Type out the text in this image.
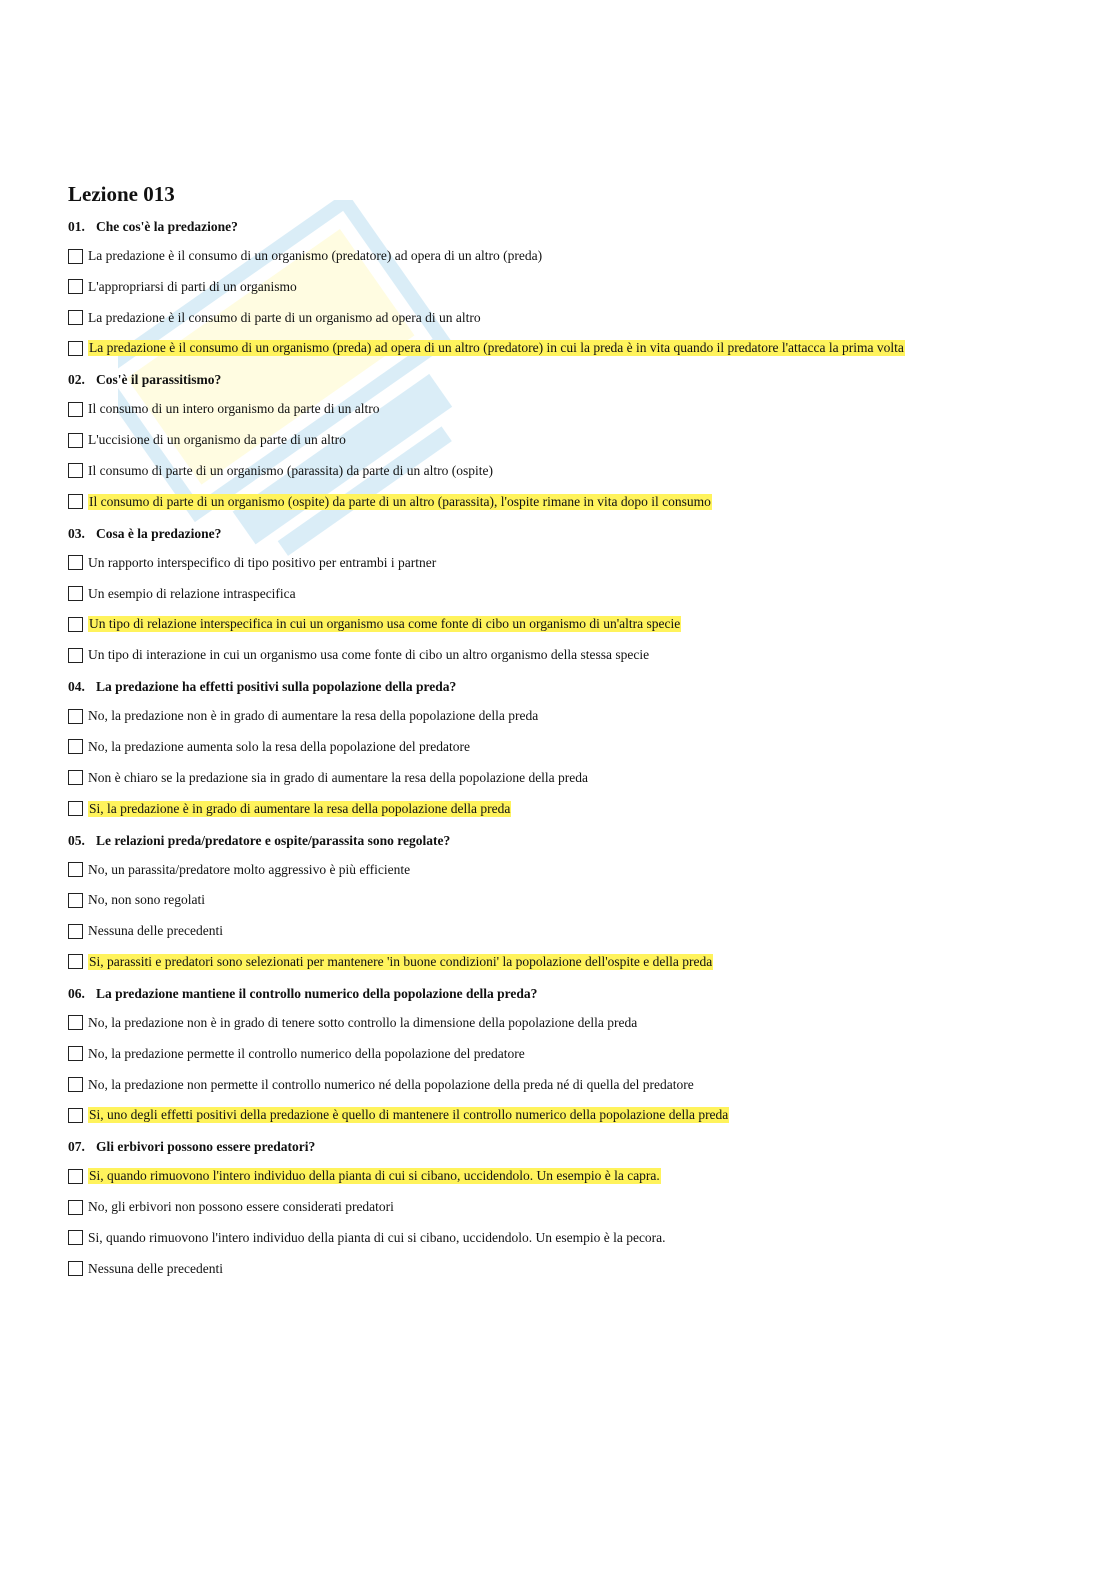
Lezione 013
01. Che cos'è la predazione?
La predazione è il consumo di un organismo (predatore) ad opera di un altro (preda)
L'appropriarsi di parti di un organismo
La predazione è il consumo di parte di un organismo ad opera di un altro
La predazione è il consumo di un organismo (preda) ad opera di un altro (predatore) in cui la preda è in vita quando il predatore l'attacca la prima volta
02. Cos'è il parassitismo?
Il consumo di un intero organismo da parte di un altro
L'uccisione di un organismo da parte di un altro
Il consumo di parte di un organismo (parassita) da parte di un altro (ospite)
Il consumo di parte di un organismo (ospite) da parte di un altro (parassita), l'ospite rimane in vita dopo il consumo
03. Cosa è la predazione?
Un rapporto interspecifico di tipo positivo per entrambi i partner
Un esempio di relazione intraspecifica
Un tipo di relazione interspecifica in cui un organismo usa come fonte di cibo un organismo di un'altra specie
Un tipo di interazione in cui un organismo usa come fonte di cibo un altro organismo della stessa specie
04. La predazione ha effetti positivi sulla popolazione della preda?
No, la predazione non è in grado di aumentare la resa della popolazione della preda
No, la predazione aumenta solo la resa della popolazione del predatore
Non è chiaro se la predazione sia in grado di aumentare la resa della popolazione della preda
Si, la predazione è in grado di aumentare la resa della popolazione della preda
05. Le relazioni preda/predatore e ospite/parassita sono regolate?
No, un parassita/predatore molto aggressivo è più efficiente
No, non sono regolati
Nessuna delle precedenti
Si, parassiti e predatori sono selezionati per mantenere 'in buone condizioni' la popolazione dell'ospite e della preda
06. La predazione mantiene il controllo numerico della popolazione della preda?
No, la predazione non è in grado di tenere sotto controllo la dimensione della popolazione della preda
No, la predazione permette il controllo numerico della popolazione del predatore
No, la predazione non permette il controllo numerico né della popolazione della preda né di quella del predatore
Si, uno degli effetti positivi della predazione è quello di mantenere il controllo numerico della popolazione della preda
07. Gli erbivori possono essere predatori?
Si, quando rimuovono l'intero individuo della pianta di cui si cibano, uccidendolo. Un esempio è la capra.
No, gli erbivori non possono essere considerati predatori
Si, quando rimuovono l'intero individuo della pianta di cui si cibano, uccidendolo. Un esempio è la pecora.
Nessuna delle precedenti
